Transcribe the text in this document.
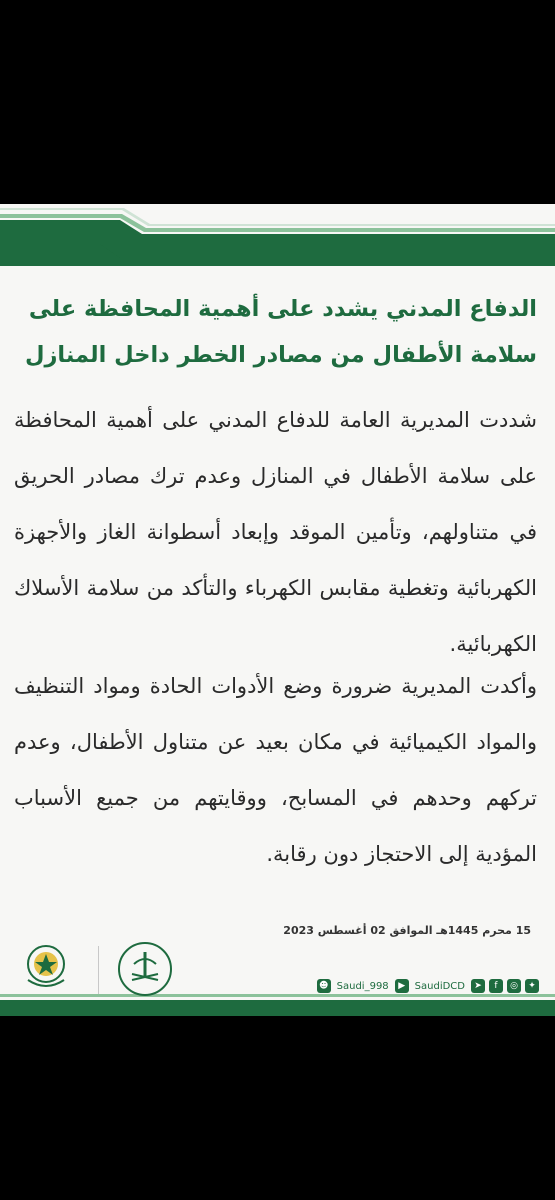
الدفاع المدني يشدد على أهمية المحافظة على
سلامة الأطفال من مصادر الخطر داخل المنازل
شددت المديرية العامة للدفاع المدني على أهمية المحافظة على سلامة الأطفال في المنازل وعدم ترك مصادر الحريق في متناولهم، وتأمين الموقد وإبعاد أسطوانة الغاز والأجهزة الكهربائية وتغطية مقابس الكهرباء والتأكد من سلامة الأسلاك الكهربائية.
وأكدت المديرية ضرورة وضع الأدوات الحادة ومواد التنظيف والمواد الكيميائية في مكان بعيد عن متناول الأطفال، وعدم تركهم وحدهم في المسابح، ووقايتهم من جميع الأسباب المؤدية إلى الاحتجاز دون رقابة.
15 محرم 1445هـ الموافق 02 أغسطس 2023
☻ Saudi_998	▶ SaudiDCD	➤	f	◎	✦
